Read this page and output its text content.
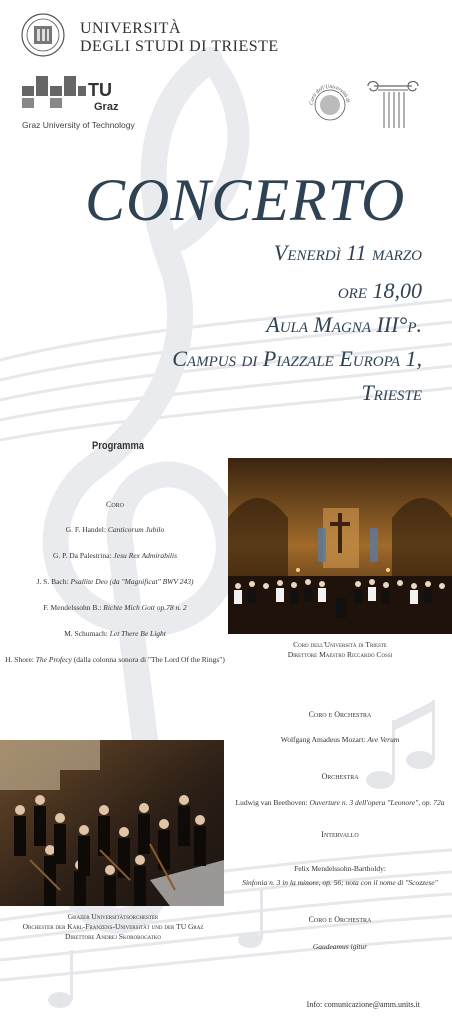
UNIVERSITÀ
DEGLI STUDI DI TRIESTE
TU
Graz
Graz University of Technology
Coro dell'Università di
CONCERTO
Venerdì 11 marzo
ore 18,00
Aula Magna III°p.
Campus di Piazzale Europa 1,
Trieste
Programma
Coro
G. F. Handel: Canticorum Jubilo
G. P. Da Palestrina: Jesu Rex Admirabilis
J. S. Bach: Psallite Deo (da "Magnificat" BWV 243)
F. Mendelssohn B.: Richte Mich Gott op.78 n. 2
M. Schumach: Let There Be Light
H. Shore: The Profecy (dalla colonna sonora di "The Lord Of the Rings")
Coro dell'Università di Trieste
Direttore Maestro Riccardo Cossi
Coro e Orchestra
Wolfgang Amadeus Mozart: Ave Verum
Orchestra
Ludwig van Beethoven: Ouverture n. 3 dell'opera "Leonore", op. 72a
Intervallo
Felix Mendelssohn-Bartholdy:
Sinfonia n. 3 in la minore, op. 56; nota con il nome di "Scozzese"
Coro e Orchestra
Gaudeamus igitur
Grazer Universitätsorchester
Orchester der Karl-Franzens-Universität und der TU Graz
Direttore Andrej Skorobogatko
Info: comunicazione@amm.units.it
